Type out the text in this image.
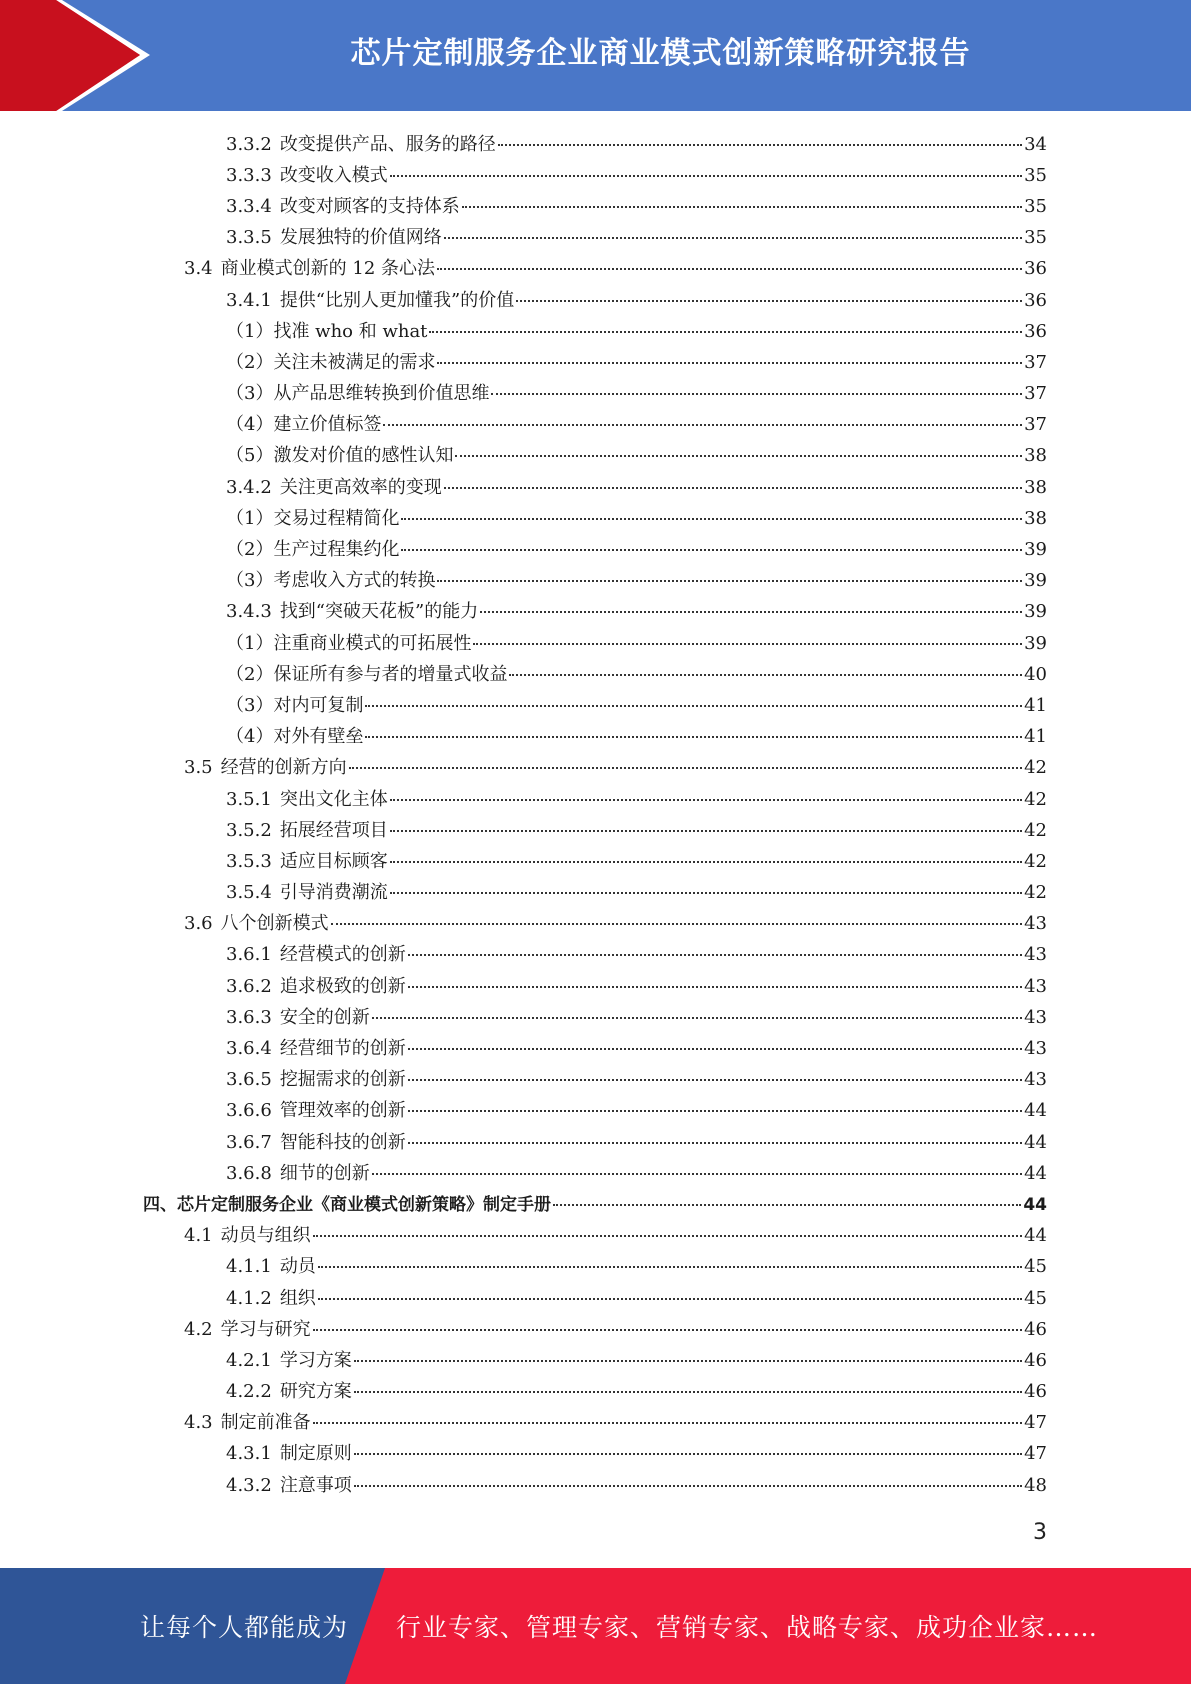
芯片定制服务企业商业模式创新策略研究报告
3.3.2 改变提供产品、服务的路径	34
3.3.3 改变收入模式	35
3.3.4 改变对顾客的支持体系	35
3.3.5 发展独特的价值网络	35
3.4 商业模式创新的 12 条心法	36
3.4.1 提供“比别人更加懂我”的价值	36
（1）找准 who 和 what	36
（2）关注未被满足的需求	37
（3）从产品思维转换到价值思维	37
（4）建立价值标签	37
（5）激发对价值的感性认知	38
3.4.2 关注更高效率的变现	38
（1）交易过程精简化	38
（2）生产过程集约化	39
（3）考虑收入方式的转换	39
3.4.3 找到“突破天花板”的能力	39
（1）注重商业模式的可拓展性	39
（2）保证所有参与者的增量式收益	40
（3）对内可复制	41
（4）对外有壁垒	41
3.5 经营的创新方向	42
3.5.1 突出文化主体	42
3.5.2 拓展经营项目	42
3.5.3 适应目标顾客	42
3.5.4 引导消费潮流	42
3.6 八个创新模式	43
3.6.1 经营模式的创新	43
3.6.2 追求极致的创新	43
3.6.3 安全的创新	43
3.6.4 经营细节的创新	43
3.6.5 挖掘需求的创新	43
3.6.6 管理效率的创新	44
3.6.7 智能科技的创新	44
3.6.8 细节的创新	44
四、芯片定制服务企业《商业模式创新策略》制定手册	44
4.1 动员与组织	44
4.1.1 动员	45
4.1.2 组织	45
4.2 学习与研究	46
4.2.1 学习方案	46
4.2.2 研究方案	46
4.3 制定前准备	47
4.3.1 制定原则	47
4.3.2 注意事项	48
3
让每个人都能成为 行业专家、管理专家、营销专家、战略专家、成功企业家……
